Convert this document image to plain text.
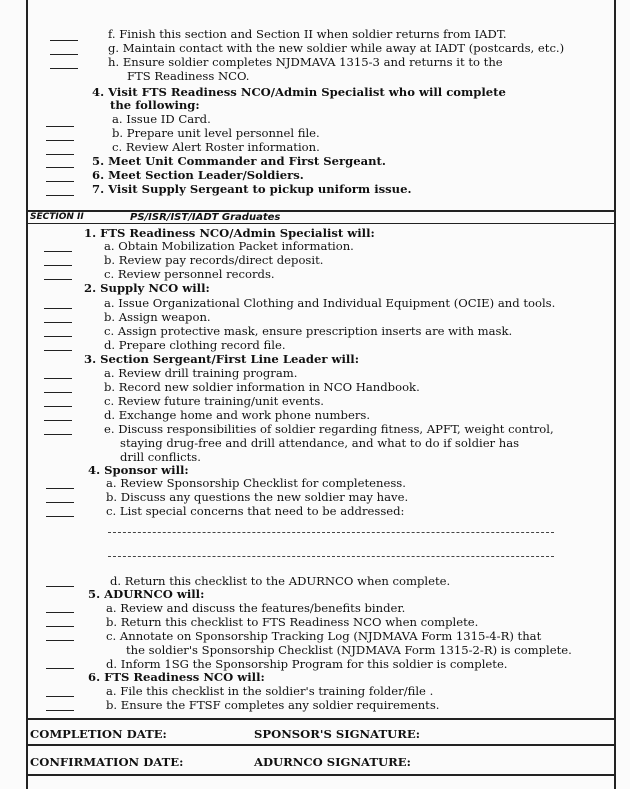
f. Finish this section and Section II when soldier returns from IADT.
g. Maintain contact with the new soldier while away at IADT (postcards, etc.)
h. Ensure soldier completes NJDMAVA 1315-3 and returns it to the
FTS Readiness NCO.
4. Visit FTS Readiness NCO/Admin Specialist who will complete
the following:
a. Issue ID Card.
b. Prepare unit level personnel file.
c. Review Alert Roster information.
5. Meet Unit Commander and First Sergeant.
6. Meet Section Leader/Soldiers.
7. Visit Supply Sergeant to pickup uniform issue.
SECTION II	PS/ISR/IST/IADT Graduates
1. FTS Readiness NCO/Admin Specialist will:
a. Obtain Mobilization Packet information.
b. Review pay records/direct deposit.
c. Review personnel records.
2. Supply NCO will:
a. Issue Organizational Clothing and Individual Equipment (OCIE) and tools.
b. Assign weapon.
c. Assign protective mask, ensure prescription inserts are with mask.
d. Prepare clothing record file.
3. Section Sergeant/First Line Leader will:
a. Review drill training program.
b. Record new soldier information in NCO Handbook.
c. Review future training/unit events.
d. Exchange home and work phone numbers.
e. Discuss responsibilities of soldier regarding fitness, APFT, weight control,
staying drug-free and drill attendance, and what to do if soldier has
drill conflicts.
4. Sponsor will:
a. Review Sponsorship Checklist for completeness.
b. Discuss any questions the new soldier may have.
c. List special concerns that need to be addressed:
d. Return this checklist to the ADURNCO when complete.
5. ADURNCO will:
a. Review and discuss the features/benefits binder.
b. Return this checklist to FTS Readiness NCO when complete.
c. Annotate on Sponsorship Tracking Log (NJDMAVA Form 1315-4-R) that
the soldier's Sponsorship Checklist (NJDMAVA Form 1315-2-R) is complete.
d. Inform 1SG the Sponsorship Program for this soldier is complete.
6. FTS Readiness NCO will:
a. File this checklist in the soldier's training folder/file .
b. Ensure the FTSF completes any soldier requirements.
COMPLETION DATE:	SPONSOR'S SIGNATURE:
CONFIRMATION DATE:	ADURNCO SIGNATURE:
